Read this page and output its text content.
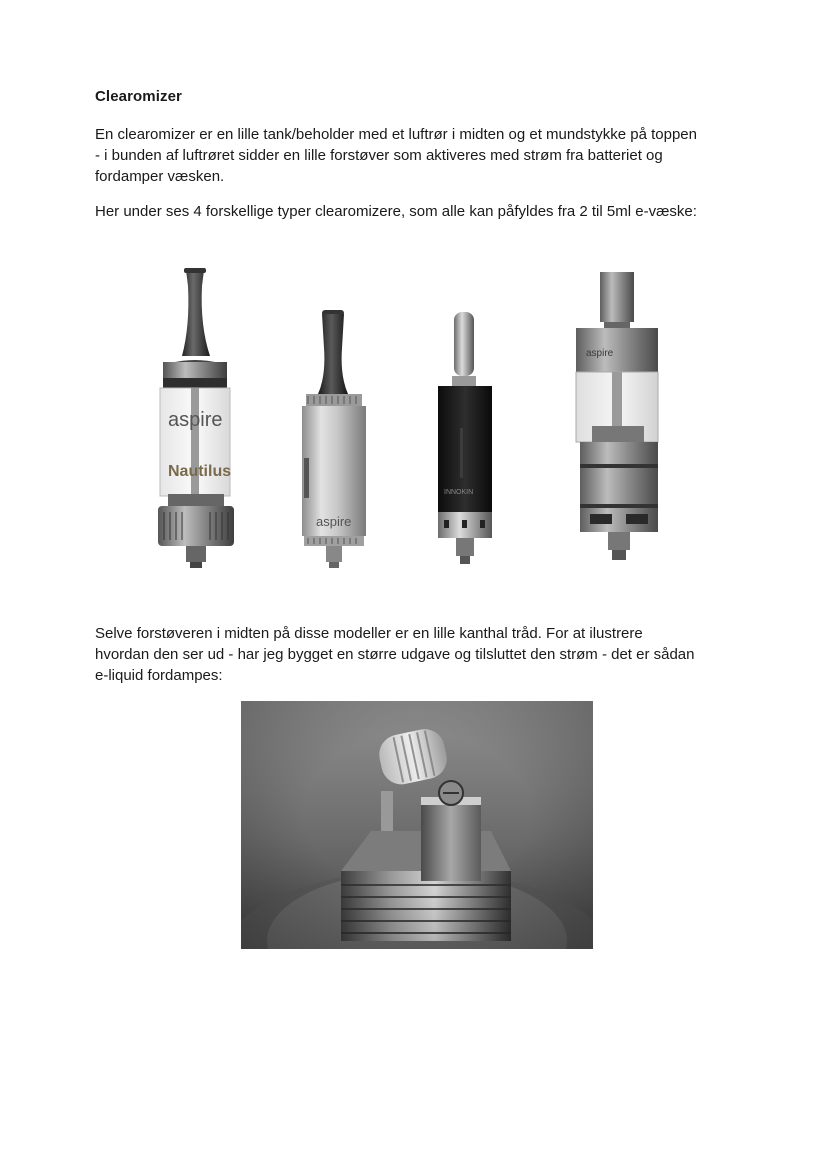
Clearomizer
En clearomizer er en lille tank/beholder med et luftrør i midten og et mundstykke på toppen
- i bunden af luftrøret sidder en lille forstøver som aktiveres med strøm fra batteriet og
fordamper væsken.
Her under ses 4 forskellige typer clearomizere, som alle kan påfyldes fra 2 til 5ml e-væske:
aspire
Nautilus
aspire
INNOKIN
aspire
Selve forstøveren i midten på disse modeller er en lille kanthal tråd. For at ilustrere
hvordan den ser ud - har jeg bygget en større udgave og tilsluttet den strøm - det er sådan
e-liquid fordampes:
